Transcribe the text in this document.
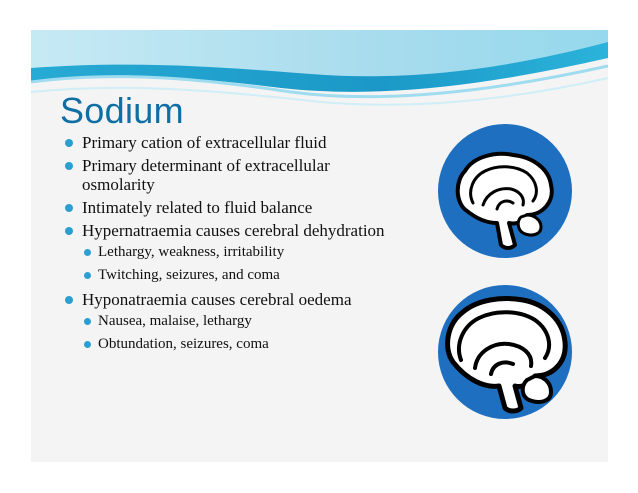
Sodium
Primary cation of extracellular fluid
Primary determinant of extracellular osmolarity
Intimately related to fluid balance
Hypernatraemia causes cerebral dehydration
Lethargy, weakness, irritability
Twitching, seizures, and coma
Hyponatraemia causes cerebral oedema
Nausea, malaise, lethargy
Obtundation, seizures, coma
